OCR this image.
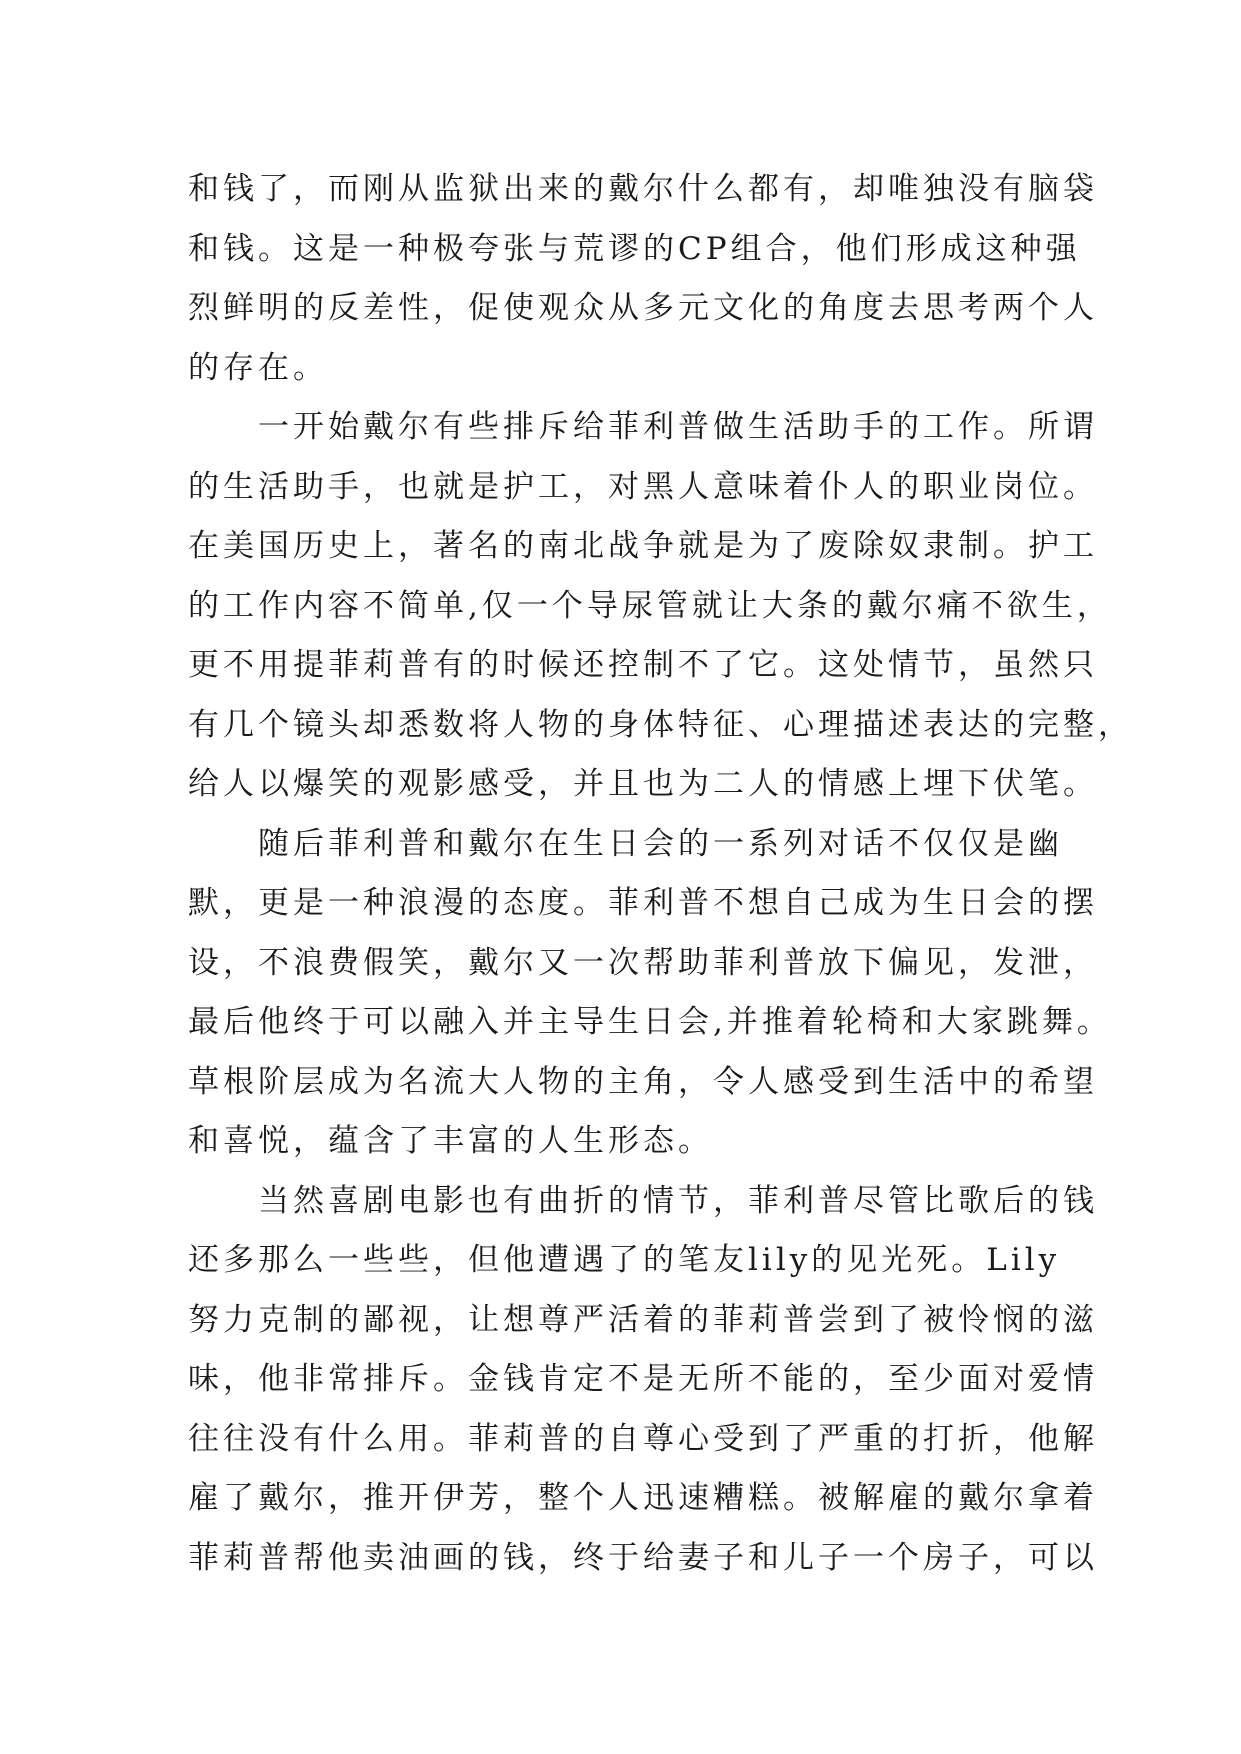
和钱了，而刚从监狱出来的戴尔什么都有，却唯独没有脑袋
和钱。这是一种极夸张与荒谬的CP组合，他们形成这种强
烈鲜明的反差性，促使观众从多元文化的角度去思考两个人
的存在。
一开始戴尔有些排斥给菲利普做生活助手的工作。所谓
的生活助手，也就是护工，对黑人意味着仆人的职业岗位。
在美国历史上，著名的南北战争就是为了废除奴隶制。护工
的工作内容不简单,仅一个导尿管就让大条的戴尔痛不欲生，
更不用提菲莉普有的时候还控制不了它。这处情节，虽然只
有几个镜头却悉数将人物的身体特征、心理描述表达的完整，
给人以爆笑的观影感受，并且也为二人的情感上埋下伏笔。
随后菲利普和戴尔在生日会的一系列对话不仅仅是幽
默，更是一种浪漫的态度。菲利普不想自己成为生日会的摆
设，不浪费假笑，戴尔又一次帮助菲利普放下偏见，发泄，
最后他终于可以融入并主导生日会,并推着轮椅和大家跳舞。
草根阶层成为名流大人物的主角，令人感受到生活中的希望
和喜悦，蕴含了丰富的人生形态。
当然喜剧电影也有曲折的情节，菲利普尽管比歌后的钱
还多那么一些些，但他遭遇了的笔友lily的见光死。Lily
努力克制的鄙视，让想尊严活着的菲莉普尝到了被怜悯的滋
味，他非常排斥。金钱肯定不是无所不能的，至少面对爱情
往往没有什么用。菲莉普的自尊心受到了严重的打折，他解
雇了戴尔，推开伊芳，整个人迅速糟糕。被解雇的戴尔拿着
菲莉普帮他卖油画的钱，终于给妻子和儿子一个房子，可以
